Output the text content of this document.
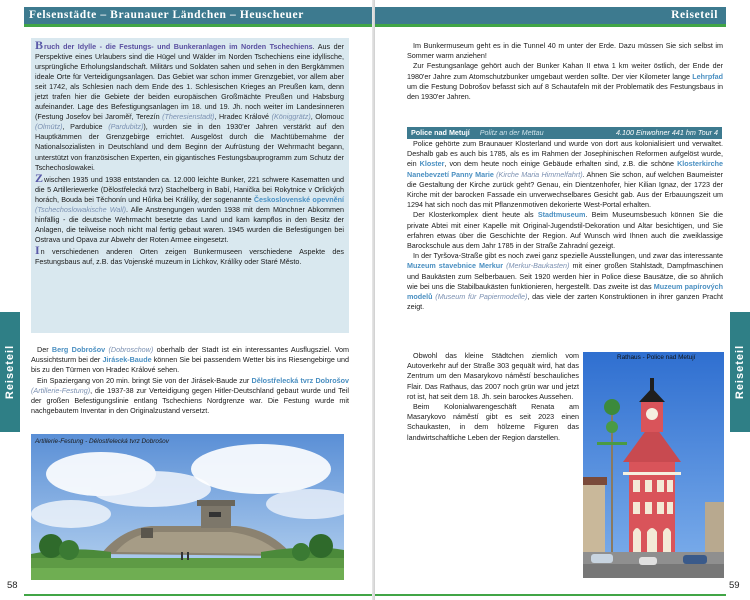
Felsenstädte – Braunauer Ländchen – Heuscheuer

Bruch der Idylle - die Festungs- und Bunkeranlagen im Norden Tschechiens. Aus der Perspektive eines Urlaubers sind die Hügel und Wälder im Norden Tschechiens eine idyllische, ursprüngliche Erholungslandschaft. Militärs und Soldaten sahen und sehen in den Bergkämmen ideale Orte für Verteidigungsanlagen. Das Gebiet war schon immer Grenzgebiet, vor allem aber seit 1742, als Schlesien nach dem Ende des 1. Schlesischen Krieges an Preußen kam, denn jetzt trafen hier die Gebiete der beiden europäischen Großmächte Preußen und Habsburg aufeinander. Lage des Befestigungsanlagen im 18. und 19. Jh. noch weiter im Landesinneren (Festung Josefov bei Jaroměř, Terezín (Theresienstadt), Hradec Králové (Königgrätz), Olomouc (Olmütz), Pardubice (Pardubitz)), wurden sie in den 1930'er Jahren verstärkt auf den Hauptkämmen der Grenzgebirge errichtet. Ausgelöst durch die Machtübernahme der Nationalsozialisten in Deutschland und dem Beginn der Aufrüstung der Wehrmacht begann, unterstützt von französischen Experten, ein gigantisches Festungsbauprogramm zum Schutz der Tschechoslowakei.

Zwischen 1935 und 1938 entstanden ca. 12.000 leichte Bunker, 221 schwere Kasematten und die 5 Artilleriewerke (Dělostřelecká tvrz) Stachelberg in Babí, Hanička bei Rokytnice v Orlických horách, Bouda bei Těchonín und Hůrka bei Králíky, der sogenannte Československé opevnění (Tschechoslowakische Wall). Alle Anstrengungen wurden 1938 mit dem Münchner Abkommen hinfällig - die deutsche Wehrmacht besetzte das Land und kam kampflos in den Besitz der Anlagen, die teilweise noch nicht mal fertig gebaut waren. 1945 wurden die Befestigungen bei Ostrava und Opava zur Abwehr der Roten Armee eingesetzt.

In verschiedenen anderen Orten zeigen Bunkermuseen verschiedene Aspekte des Festungsbaus auf, z.B. das Vojenské muzeum in Lichkov, Králíky oder Staré Město.

Der Berg Dobrošov (Dobroschow) oberhalb der Stadt ist ein interessantes Ausflugsziel. Vom Aussichtsturm bei der Jirásek-Baude können Sie bei passendem Wetter bis ins Riesengebirge und bis zu den Türmen von Hradec Králové sehen.

Ein Spaziergang von 20 min. bringt Sie von der Jirásek-Baude zur Dělostřelecká tvrz Dobrošov (Artillerie-Festung), die 1937-38 zur Verteidigung gegen Hitler-Deutschland gebaut wurde und Teil der großen Befestigungslinie entlang Tschechiens Nordgrenze war. Die Festung wurde mit nachgebautem Inventar in den Originalzustand versetzt.

Artillerie-Festung - Dělostřelecká tvrz Dobrošov
Reiseteil
58
Reiseteil

Im Bunkermuseum geht es in die Tunnel 40 m unter der Erde. Dazu müssen Sie sich selbst im Sommer warm anziehen!

Zur Festungsanlage gehört auch der Bunker Kahan II etwa 1 km weiter östlich, der Ende der 1980'er Jahre zum Atomschutzbunker umgebaut werden sollte. Der vier Kilometer lange Lehrpfad um die Festung Dobrošov befasst sich auf 8 Schautafeln mit der Problematik des Festungsbaus in den 1930'er Jahren.

Police nad Metují Politz an der Mettau	4.100 Einwohner 441 hm Tour 4

Police gehörte zum Braunauer Klosterland und wurde von dort aus kolonialisiert und verwaltet. Deshalb gab es auch bis 1785, als es im Rahmen der Josephinischen Reformen aufgelöst wurde, ein Kloster, von dem heute noch einige Gebäude erhalten sind, z.B. die schöne Klosterkirche Nanebevzetí Panny Marie (Kirche Maria Himmelfahrt). Ahnen Sie schon, auf welchen Baumeister die Gestaltung der Kirche zurück geht? Genau, ein Dientzenhofer, hier Kilian Ignaz, der 1723 der Kirche mit der barocken Fassade ein unverwechselbares Gesicht gab. Aus der Erbauungszeit um 1294 hat sich noch das mit Pflanzenmotiven dekorierte West-Portal erhalten.

Der Klosterkomplex dient heute als Stadtmuseum. Beim Museumsbesuch können Sie die private Abtei mit einer Kapelle mit Original-Jugendstil-Dekoration und Altar besichtigen, und Sie erfahren etwas über die Geschichte der Region. Auf Wunsch wird Ihnen auch die zweiklassige Barockschule aus dem Jahr 1785 in der Straße Zahradní gezeigt.

In der Tyršova-Straße gibt es noch zwei ganz spezielle Ausstellungen, und zwar das interessante Muzeum stavebnice Merkur (Merkur-Baukasten) mit einer großen Stahlstadt, Dampfmaschinen und Baukästen zum Selberbauen. Seit 1920 werden hier in Police diese Bausätze, die so ähnlich wie bei uns die Stabilbaukästen funktionieren, hergestellt. Das zweite ist das Muzeum papírových modelů (Museum für Papiermodelle), das viele der zarten Konstruktionen in ihrer ganzen Pracht zeigt.

Obwohl das kleine Städtchen ziemlich vom Autoverkehr auf der Straße 303 gequält wird, hat das Zentrum um den Masarykovo náměstí beschauliches Flair. Das Rathaus, das 2007 noch grün war und jetzt rot ist, hat seit dem 18. Jh. sein barockes Aussehen.

Beim Kolonialwarengeschäft Renata am Masarykovo náměstí gibt es seit 2023 einen Schaukasten, in dem hölzerne Figuren das landwirtschaftliche Leben der Region darstellen.

Rathaus - Police nad Metují	Reiseteil
59
